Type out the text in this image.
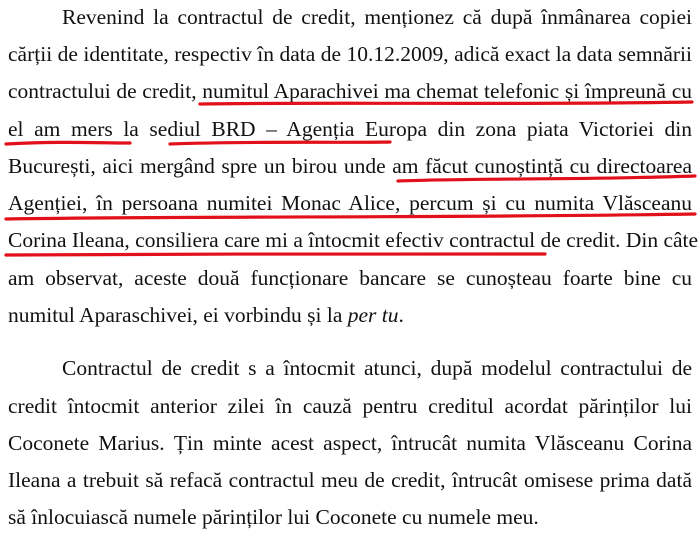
Revenind la contractul de credit, menționez că după înmânarea copiei
cărții de identitate, respectiv în data de 10.12.2009, adică exact la data semnării
contractului de credit, numitul Aparachivei ma chemat telefonic și împreună cu
el am mers la sediul BRD – Agenția Europa din zona piata Victoriei din
București, aici mergând spre un birou unde am făcut cunoștință cu directoarea
Agenției, în persoana numitei Monac Alice, percum și cu numita Vlăsceanu
Corina Ileana, consiliera care mi a întocmit efectiv contractul de credit. Din câte
am observat, aceste două funcționare bancare se cunoșteau foarte bine cu
numitul Aparaschivei, ei vorbindu și la per tu.
Contractul de credit s a întocmit atunci, după modelul contractului de
credit întocmit anterior zilei în cauză pentru creditul acordat părinților lui
Coconete Marius. Țin minte acest aspect, întrucât numita Vlăsceanu Corina
Ileana a trebuit să refacă contractul meu de credit, întrucât omisese prima dată
să înlocuiască numele părinților lui Coconete cu numele meu.
